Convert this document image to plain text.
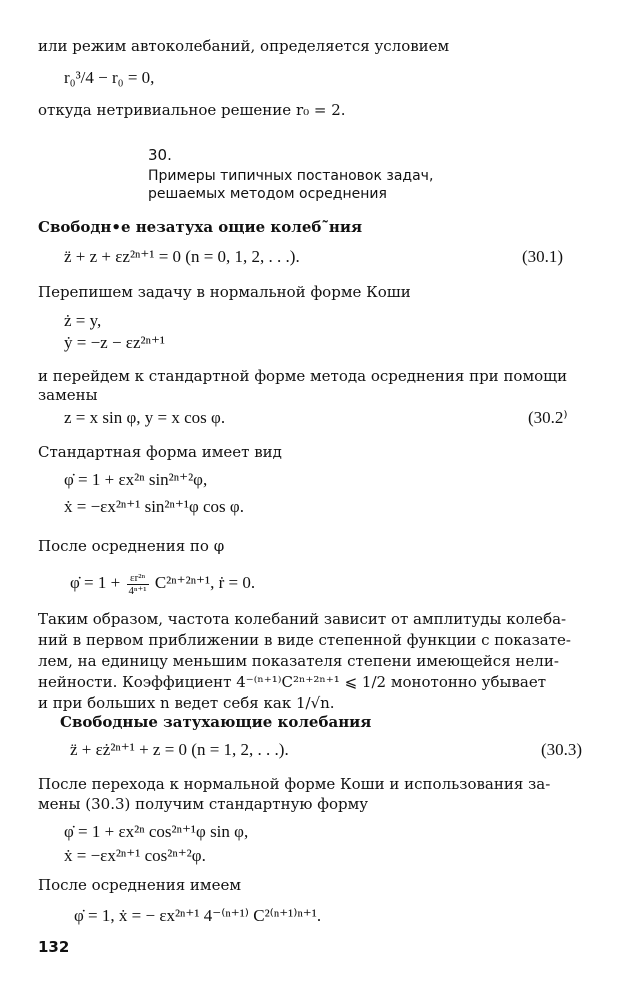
или режим автоколебаний, определяется условием
r₀³/4 − r₀ = 0,
откуда нетривиальное решение r₀ = 2.
30.
Примеры типичных постановок задач,
решаемых методом осреднения
Свободн•е незатуха ощие колеб˜ния
z̈ + z + εz²ⁿ⁺¹ = 0 (n = 0, 1, 2, . . .).	(30.1)
Перепишем задачу в нормальной форме Коши
ż = y,
ẏ = −z − εz²ⁿ⁺¹
и перейдем к стандартной форме метода осреднения при помощи
замены
z = x sin φ, y = x cos φ.	(30.2⁾
Стандартная форма имеет вид
φ̇ = 1 + εx²ⁿ sin²ⁿ⁺²φ,
ẋ = −εx²ⁿ⁺¹ sin²ⁿ⁺¹φ cos φ.
После осреднения по φ
φ̇ = $1 + \frac{\text{εr²ⁿ}}{\text{4ⁿ⁺¹}} C^{2n+2n+1}$, ṙ = 0.
Таким образом, частота колебаний зависит от амплитуды колеба-
ний в первом приближении в виде степенной функции с показате-
лем, на единицу меньшим показателя степени имеющейся нели-
нейности. Коэффициент 4⁻⁽ⁿ⁺¹⁾C²ⁿ⁺²ⁿ⁺¹ ⩽ 1/2 монотонно убывает
и при больших n ведет себя как 1/√n.
Свободные затухающие колебания
z̈ + εż²ⁿ⁺¹ + z = 0 (n = 1, 2, . . .).	(30.3)
После перехода к нормальной форме Коши и использования за-
мены (30.3) получим стандартную форму
φ̇ = 1 + εx²ⁿ cos²ⁿ⁺¹φ sin φ,
ẋ = −εx²ⁿ⁺¹ cos²ⁿ⁺²φ.
После осреднения имеем
φ̇ = 1, ẋ = − εx²ⁿ⁺¹ 4⁻⁽ⁿ⁺¹⁾ C²⁽ⁿ⁺¹⁾ⁿ⁺¹.
132
